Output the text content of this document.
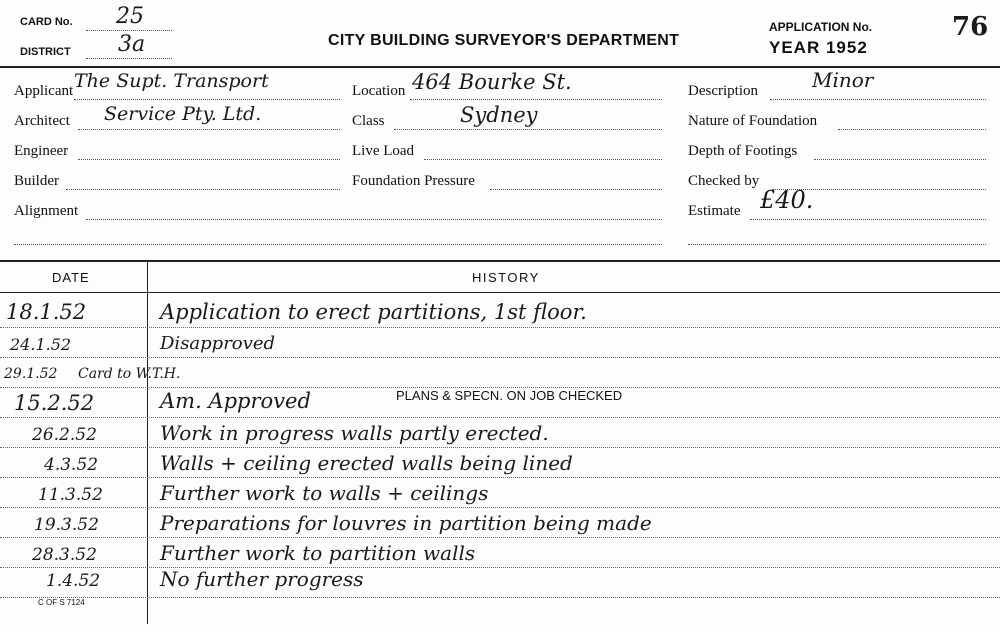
CARD No. 25
DISTRICT 3a	CITY BUILDING SURVEYOR'S DEPARTMENT
APPLICATION No.	76
YEAR 1952
Applicant The Supt. Transport
Architect Service Pty. Ltd.
Engineer
Builder
Alignment
Location 464 Bourke St.
Class	Sydney
Live Load
Foundation Pressure
Description	Minor
Nature of Foundation
Depth of Footings
Checked by
Estimate £40.
DATE	HISTORY
18.1.52	Application to erect partitions, 1st floor.
24.1.52	Disapproved
29.1.52 Card to W.T.H.
15.2.52	Am. Approved	PLANS & SPECN. ON JOB CHECKED
26.2.52	Work in progress walls partly erected.
4.3.52	Walls + ceiling erected walls being lined
11.3.52	Further work to walls + ceilings
19.3.52	Preparations for louvres in partition being made
28.3.52	Further work to partition walls
1.4.52	No further progress
C OF S 7124
